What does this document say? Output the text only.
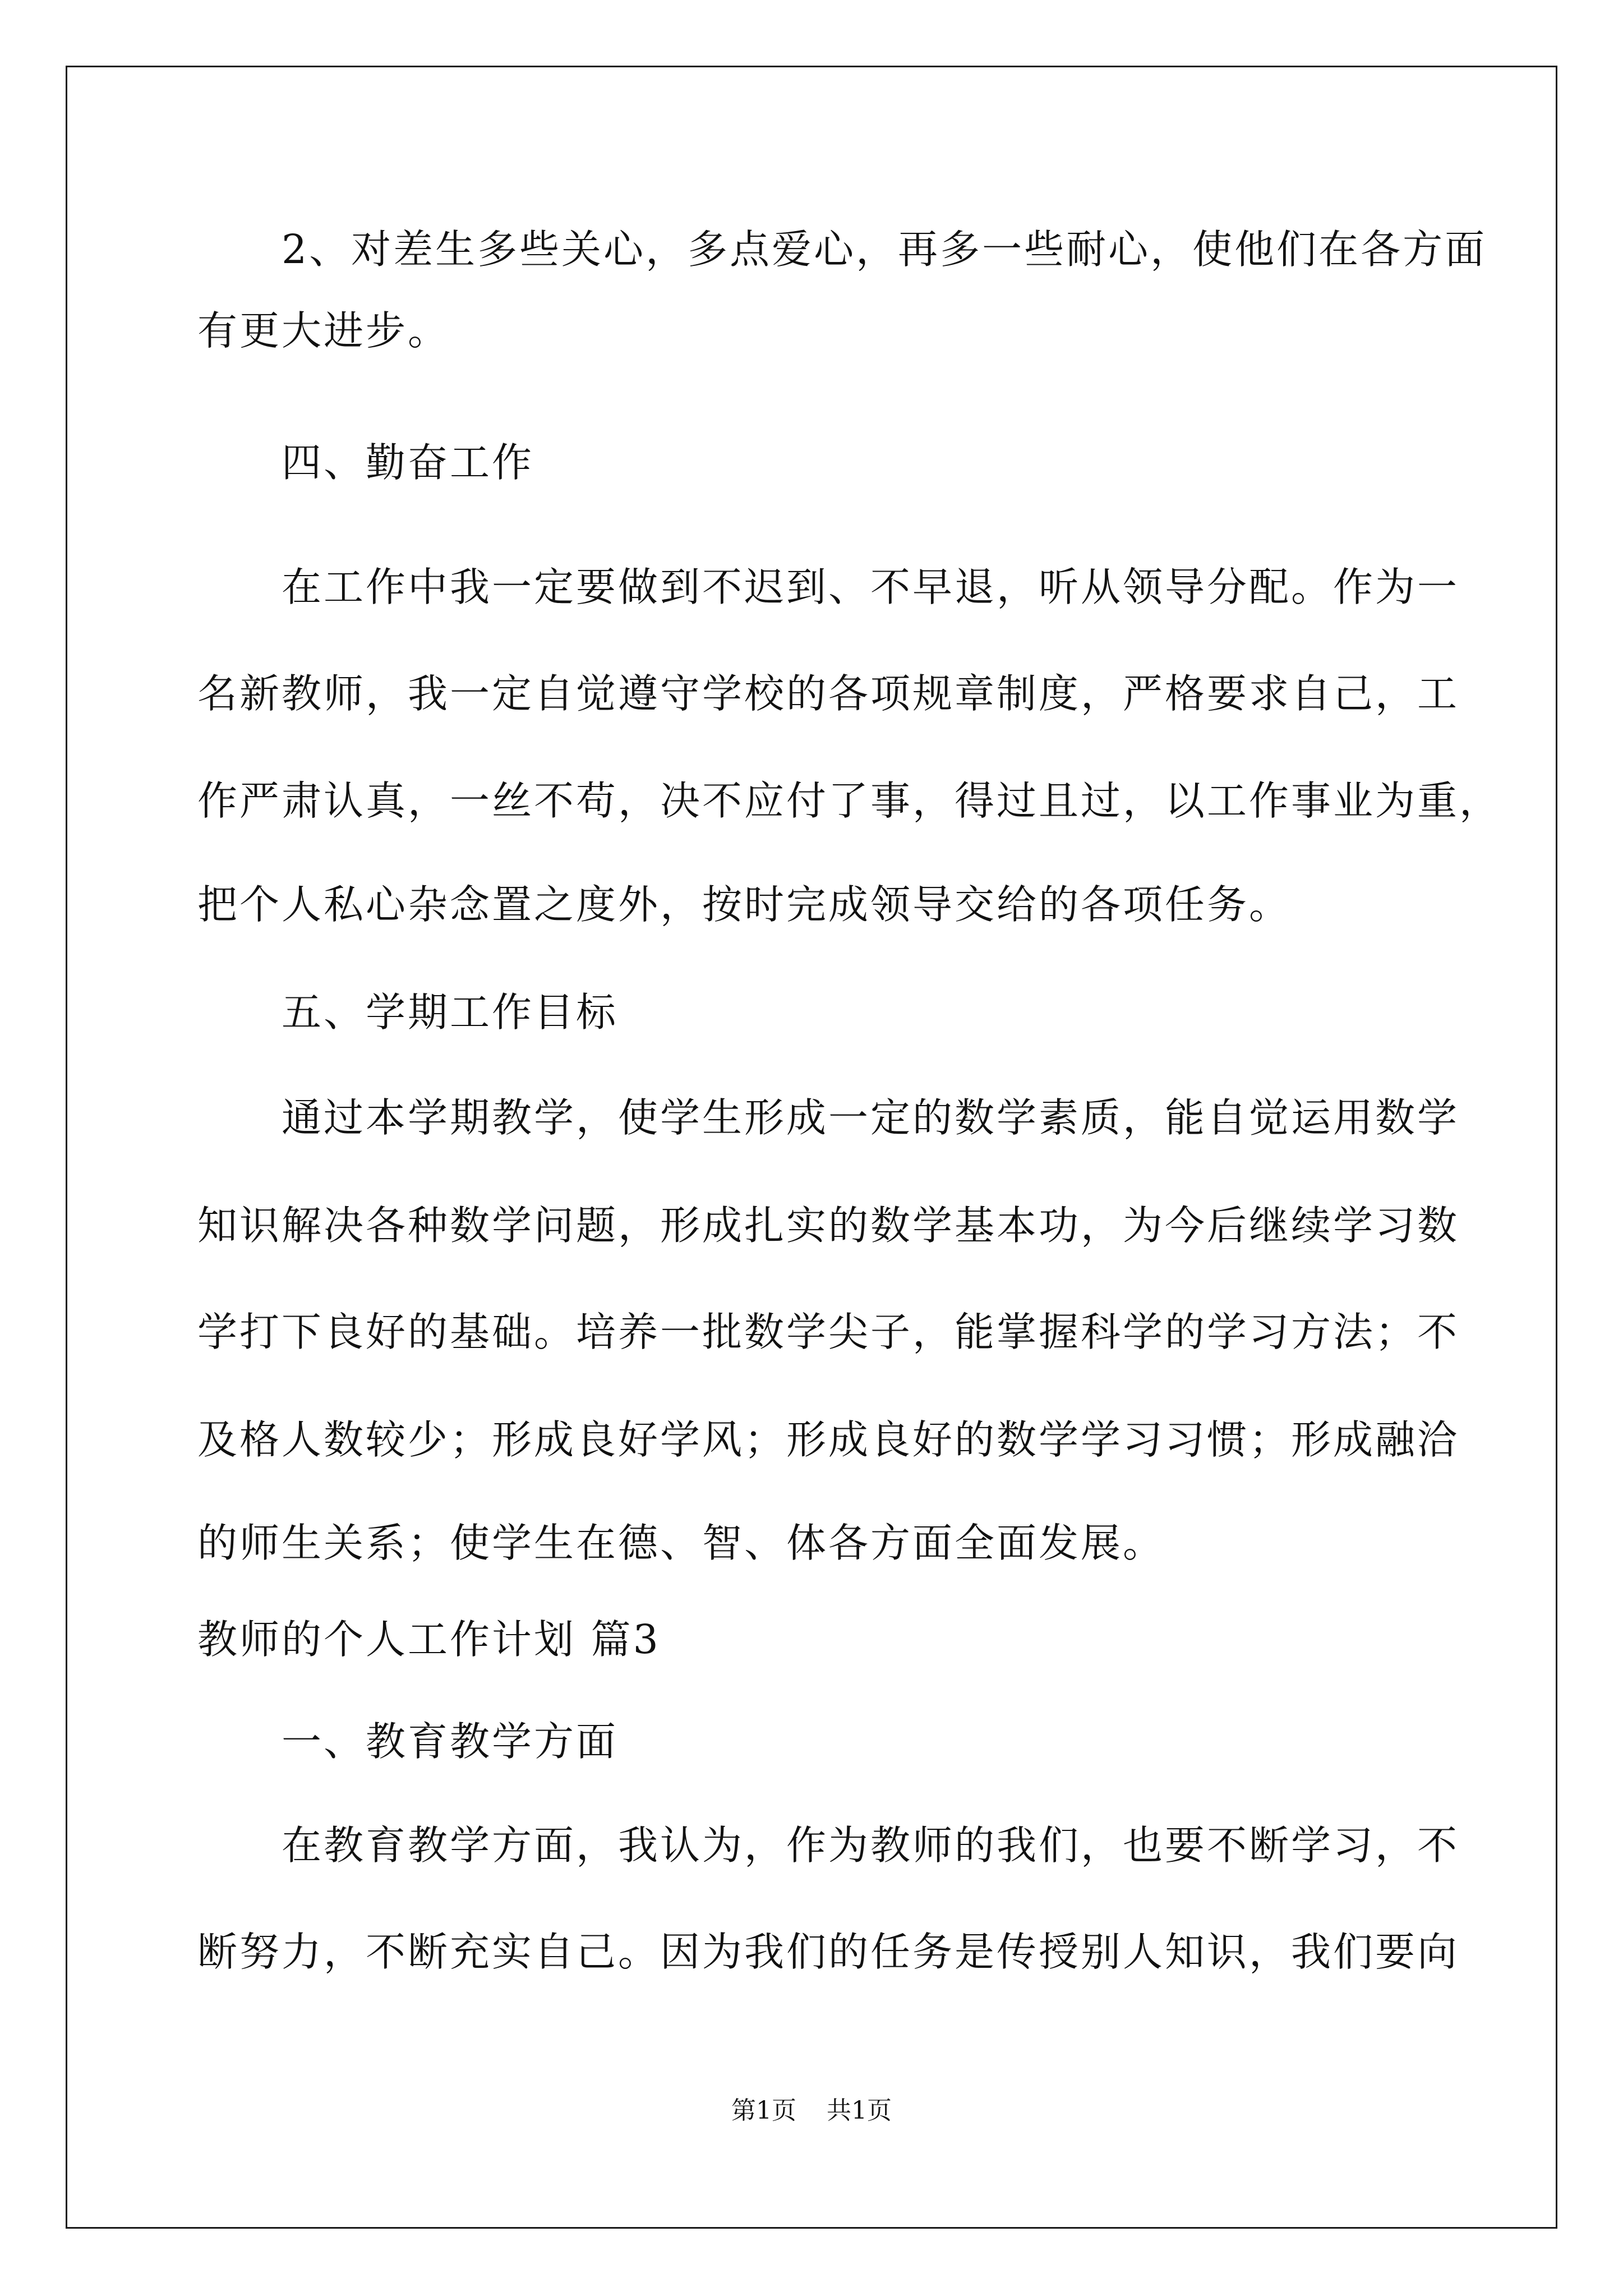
2、对差生多些关心，多点爱心，再多一些耐心，使他们在各方面
有更大进步。
四、勤奋工作
在工作中我一定要做到不迟到、不早退，听从领导分配。作为一
名新教师，我一定自觉遵守学校的各项规章制度，严格要求自己，工
作严肃认真，一丝不苟，决不应付了事，得过且过，以工作事业为重，
把个人私心杂念置之度外，按时完成领导交给的各项任务。
五、学期工作目标
通过本学期教学，使学生形成一定的数学素质，能自觉运用数学
知识解决各种数学问题，形成扎实的数学基本功，为今后继续学习数
学打下良好的基础。培养一批数学尖子，能掌握科学的学习方法；不
及格人数较少；形成良好学风；形成良好的数学学习习惯；形成融洽
的师生关系；使学生在德、智、体各方面全面发展。
教师的个人工作计划 篇3
一、教育教学方面
在教育教学方面，我认为，作为教师的我们，也要不断学习，不
断努力，不断充实自己。因为我们的任务是传授别人知识，我们要向
第1页 共1页
